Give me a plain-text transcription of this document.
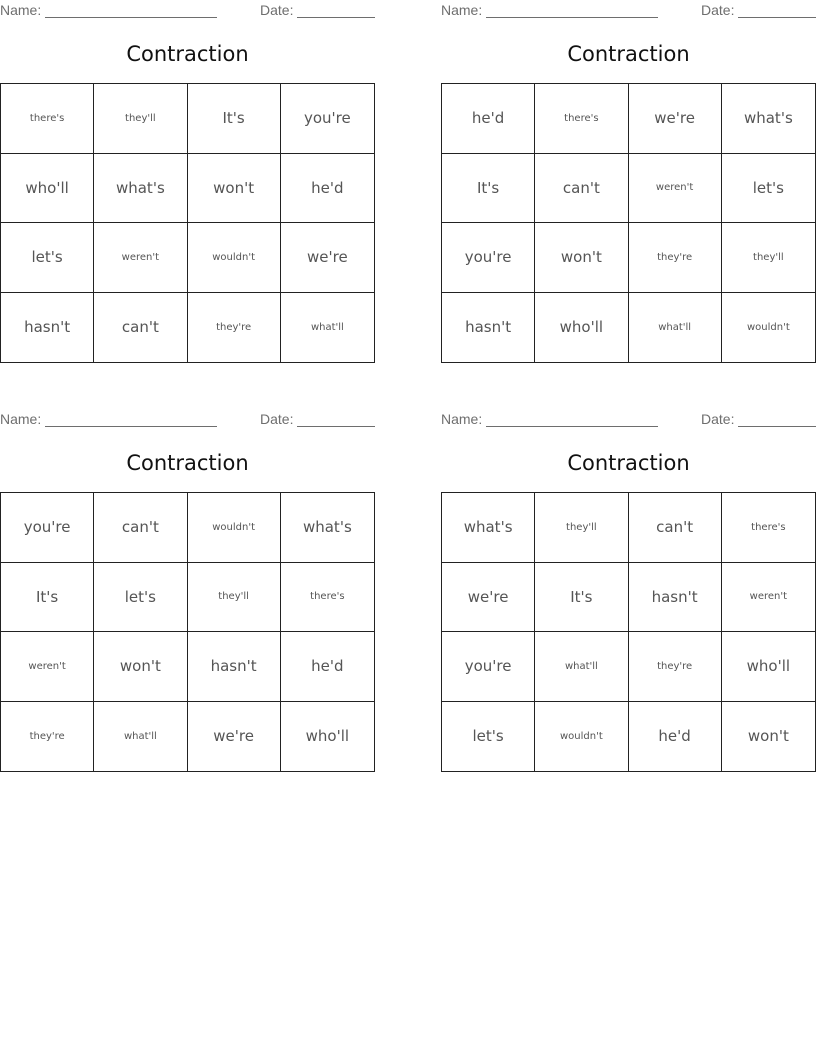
Name:	Date:
Contraction
there's	they'll	It's	you're
who'll	what's	won't	he'd
let's	weren't	wouldn't	we're
hasn't	can't	they're	what'll
Name:	Date:
Contraction
he'd	there's	we're	what's
It's	can't	weren't	let's
you're	won't	they're	they'll
hasn't	who'll	what'll	wouldn't
Name:	Date:
Contraction
you're	can't	wouldn't	what's
It's	let's	they'll	there's
weren't	won't	hasn't	he'd
they're	what'll	we're	who'll
Name:	Date:
Contraction
what's	they'll	can't	there's
we're	It's	hasn't	weren't
you're	what'll	they're	who'll
let's	wouldn't	he'd	won't
